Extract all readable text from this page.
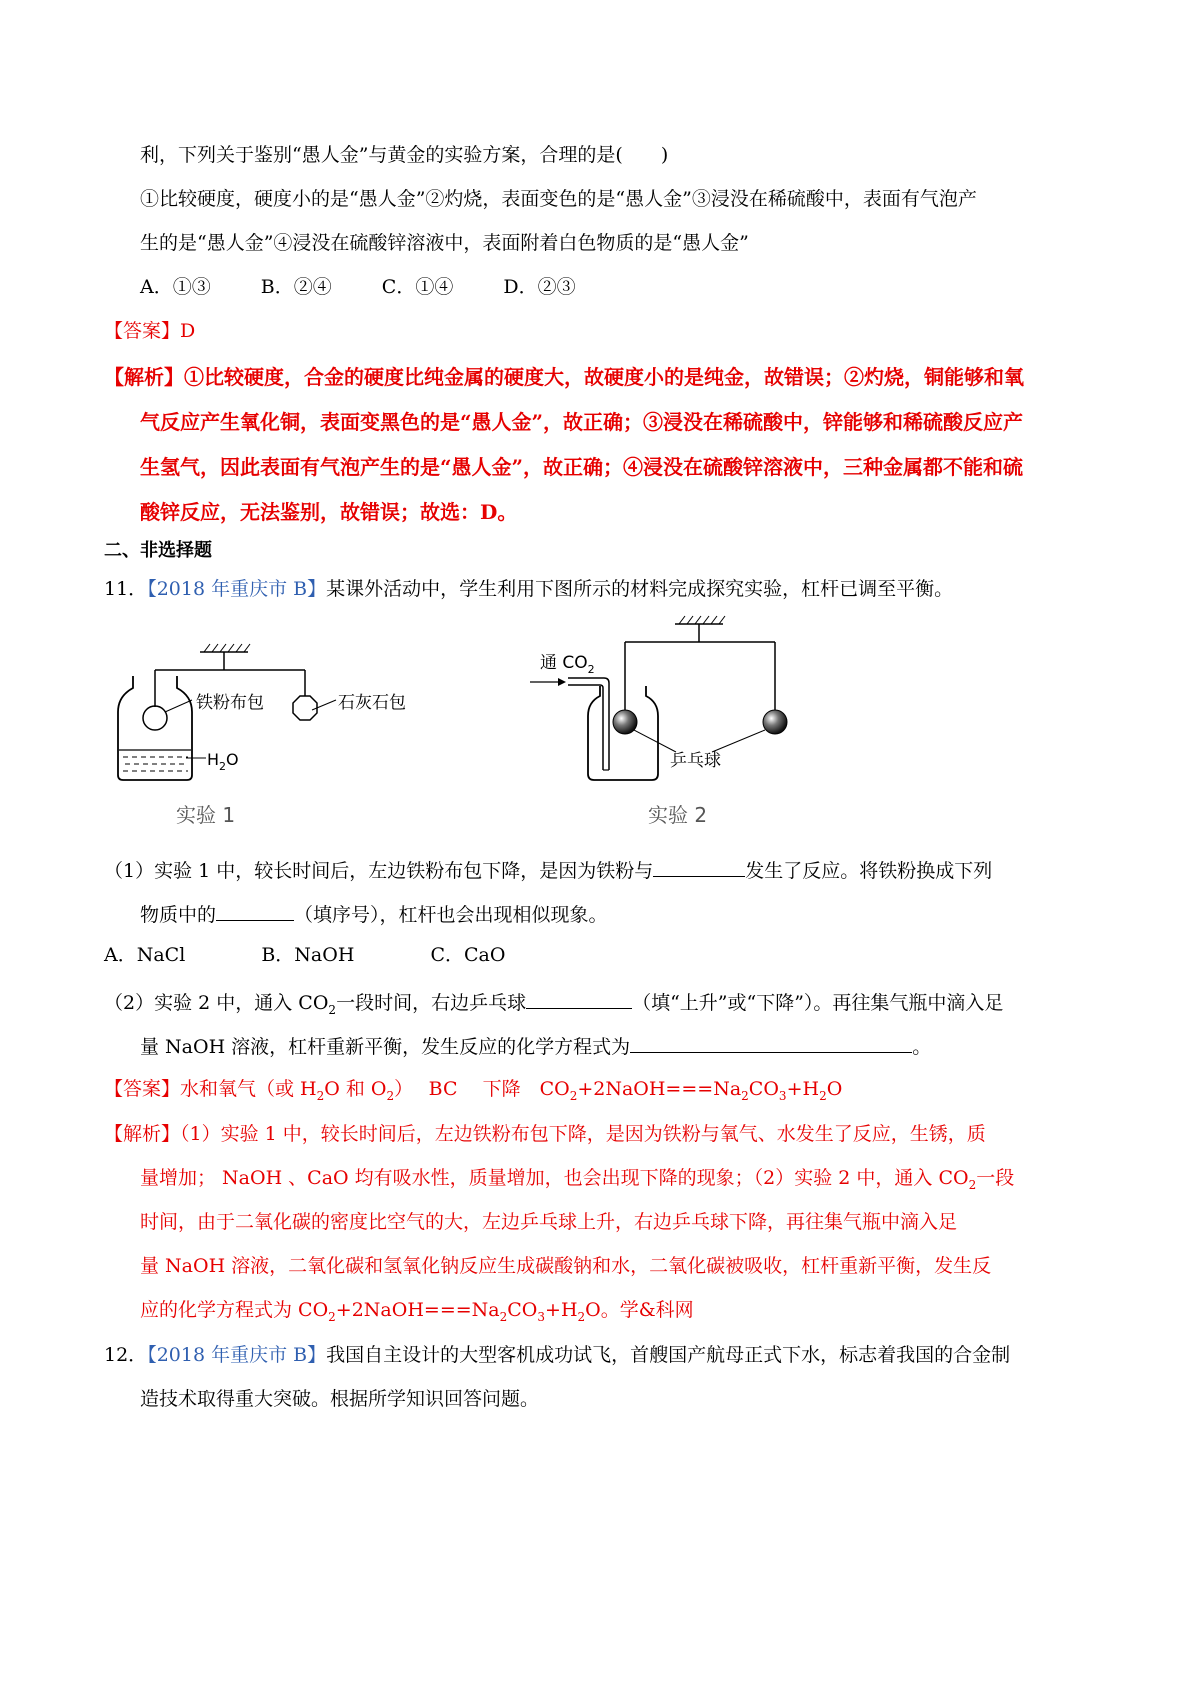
利，下列关于鉴别“愚人金”与黄金的实验方案，合理的是(　　)
①比较硬度，硬度小的是“愚人金”②灼烧，表面变色的是“愚人金”③浸没在稀硫酸中，表面有气泡产
生的是“愚人金”④浸没在硫酸锌溶液中，表面附着白色物质的是“愚人金”
A．①③	B．②④	C．①④	D．②③
【答案】D
【解析】①比较硬度，合金的硬度比纯金属的硬度大，故硬度小的是纯金，故错误；②灼烧，铜能够和氧
气反应产生氧化铜，表面变黑色的是“愚人金”，故正确；③浸没在稀硫酸中，锌能够和稀硫酸反应产
生氢气，因此表面有气泡产生的是“愚人金”，故正确；④浸没在硫酸锌溶液中，三种金属都不能和硫
酸锌反应，无法鉴别，故错误；故选：D。
二、非选择题
11．【2018 年重庆市 B】某课外活动中，学生利用下图所示的材料完成探究实验，杠杆已调至平衡。
铁粉布包	石灰石包
$H_2O$
实验 1
通 $CO_2$
乒乓球
实验 2
（1）实验 1 中，较长时间后，左边铁粉布包下降，是因为铁粉与	发生了反应。将铁粉换成下列
物质中的	（填序号），杠杆也会出现相似现象。
A．NaCl	B．NaOH	C．CaO
（2）实验 2 中，通入 $CO_2$一段时间，右边乒乓球	（填“上升”或“下降”）。再往集气瓶中滴入足
量 NaOH 溶液，杠杆重新平衡，发生反应的化学方程式为	。
【答案】水和氧气（或 $H_2O$ 和 $O_2$）　 BC　 下降　$CO_2+2NaOH===Na_2CO_3+H_2O$
【解析】（1）实验 1 中，较长时间后，左边铁粉布包下降，是因为铁粉与氧气、水发生了反应，生锈，质
量增加； NaOH 、CaO 均有吸水性，质量增加，也会出现下降的现象；（2）实验 2 中，通入 $CO_2$一段
时间，由于二氧化碳的密度比空气的大，左边乒乓球上升，右边乒乓球下降，再往集气瓶中滴入足
量 NaOH 溶液，二氧化碳和氢氧化钠反应生成碳酸钠和水，二氧化碳被吸收，杠杆重新平衡，发生反
应的化学方程式为 $CO_2+2NaOH===Na_2CO_3+H_2O$。学&科网
12．【2018 年重庆市 B】我国自主设计的大型客机成功试飞，首艘国产航母正式下水，标志着我国的合金制
造技术取得重大突破。根据所学知识回答问题。
